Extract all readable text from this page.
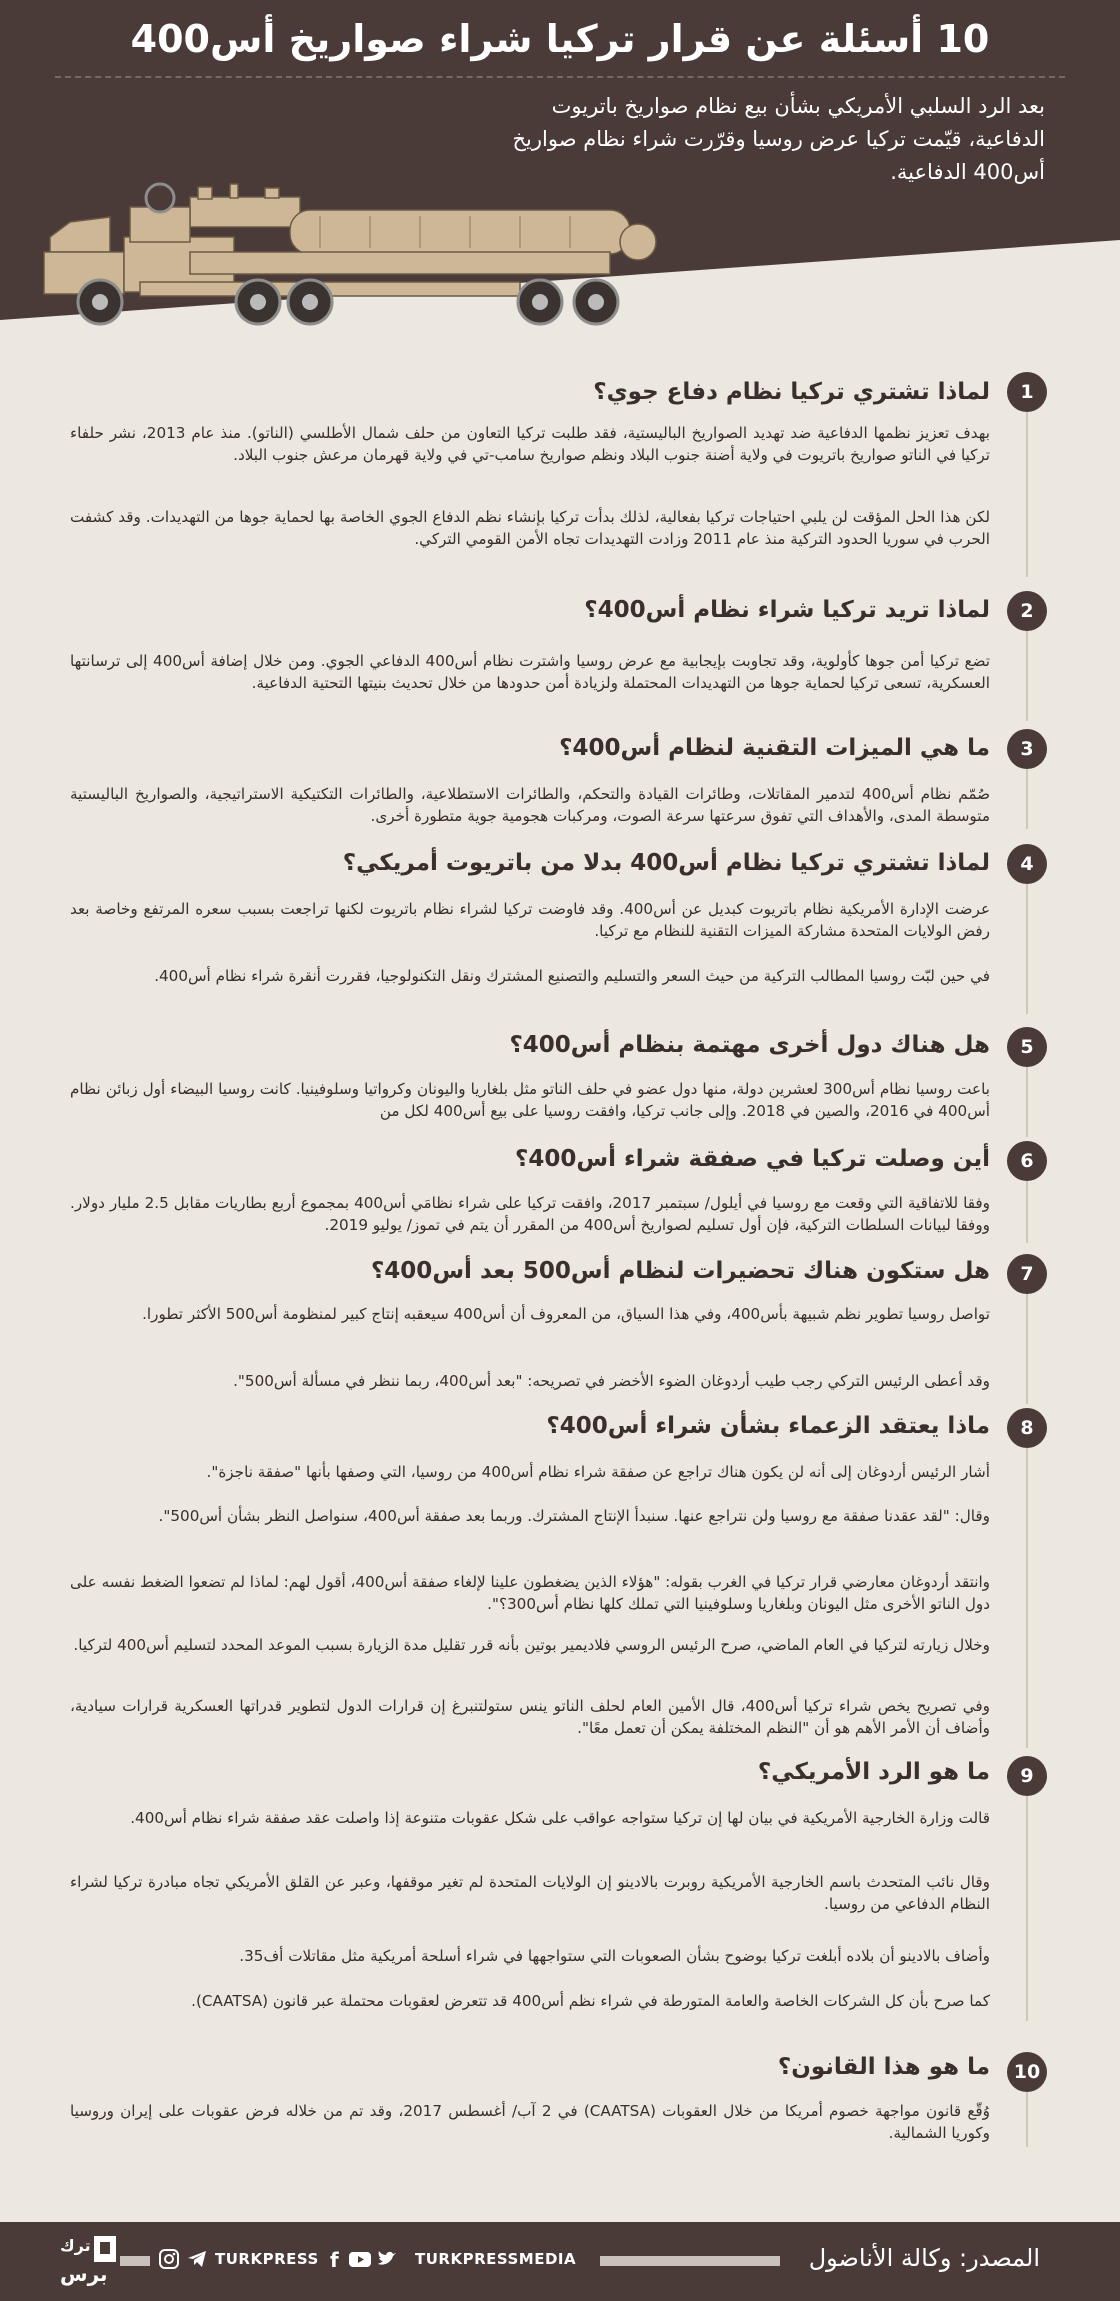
10 أسئلة عن قرار تركيا شراء صواريخ أس400

بعد الرد السلبي الأمريكي بشأن بيع نظام صواريخ باتريوت الدفاعية، قيّمت تركيا عرض روسيا وقرّرت شراء نظام صواريخ أس400 الدفاعية.

1
لماذا تشتري تركيا نظام دفاع جوي؟

بهدف تعزيز نظمها الدفاعية ضد تهديد الصواريخ الباليستية، فقد طلبت تركيا التعاون من حلف شمال الأطلسي (الناتو). منذ عام 2013، نشر حلفاء تركيا في الناتو صواريخ باتريوت في ولاية أضنة جنوب البلاد ونظم صواريخ سامب-تي في ولاية قهرمان مرعش جنوب البلاد.

لكن هذا الحل المؤقت لن يلبي احتياجات تركيا بفعالية، لذلك بدأت تركيا بإنشاء نظم الدفاع الجوي الخاصة بها لحماية جوها من التهديدات. وقد كشفت الحرب في سوريا الحدود التركية منذ عام 2011 وزادت التهديدات تجاه الأمن القومي التركي.

2
لماذا تريد تركيا شراء نظام أس400؟

تضع تركيا أمن جوها كأولوية، وقد تجاوبت بإيجابية مع عرض روسيا واشترت نظام أس400 الدفاعي الجوي. ومن خلال إضافة أس400 إلى ترسانتها العسكرية، تسعى تركيا لحماية جوها من التهديدات المحتملة ولزيادة أمن حدودها من خلال تحديث بنيتها التحتية الدفاعية.

3
ما هي الميزات التقنية لنظام أس400؟

صُمّم نظام أس400 لتدمير المقاتلات، وطائرات القيادة والتحكم، والطائرات الاستطلاعية، والطائرات التكتيكية الاستراتيجية، والصواريخ الباليستية متوسطة المدى، والأهداف التي تفوق سرعتها سرعة الصوت، ومركبات هجومية جوية متطورة أخرى.

4
لماذا تشتري تركيا نظام أس400 بدلا من باتريوت أمريكي؟

عرضت الإدارة الأمريكية نظام باتريوت كبديل عن أس400. وقد فاوضت تركيا لشراء نظام باتريوت لكنها تراجعت بسبب سعره المرتفع وخاصة بعد رفض الولايات المتحدة مشاركة الميزات التقنية للنظام مع تركيا.

في حين لبّت روسيا المطالب التركية من حيث السعر والتسليم والتصنيع المشترك ونقل التكنولوجيا، فقررت أنقرة شراء نظام أس400.

5
هل هناك دول أخرى مهتمة بنظام أس400؟

باعت روسيا نظام أس300 لعشرين دولة، منها دول عضو في حلف الناتو مثل بلغاريا واليونان وكرواتيا وسلوفينيا. كانت روسيا البيضاء أول زبائن نظام أس400 في 2016، والصين في 2018. وإلى جانب تركيا، وافقت روسيا على بيع أس400 لكل من

6
أين وصلت تركيا في صفقة شراء أس400؟

وفقا للاتفاقية التي وقعت مع روسيا في أيلول/ سبتمبر 2017، وافقت تركيا على شراء نظامَي أس400 بمجموع أربع بطاريات مقابل 2.5 مليار دولار. ووفقا لبيانات السلطات التركية، فإن أول تسليم لصواريخ أس400 من المقرر أن يتم في تموز/ يوليو 2019.

7
هل ستكون هناك تحضيرات لنظام أس500 بعد أس400؟

تواصل روسيا تطوير نظم شبيهة بأس400، وفي هذا السياق، من المعروف أن أس400 سيعقبه إنتاج كبير لمنظومة أس500 الأكثر تطورا.

وقد أعطى الرئيس التركي رجب طيب أردوغان الضوء الأخضر في تصريحه: "بعد أس400، ربما ننظر في مسألة أس500".

8
ماذا يعتقد الزعماء بشأن شراء أس400؟

أشار الرئيس أردوغان إلى أنه لن يكون هناك تراجع عن صفقة شراء نظام أس400 من روسيا، التي وصفها بأنها "صفقة ناجزة".

وقال: "لقد عقدنا صفقة مع روسيا ولن نتراجع عنها. سنبدأ الإنتاج المشترك. وربما بعد صفقة أس400، سنواصل النظر بشأن أس500".

وانتقد أردوغان معارضي قرار تركيا في الغرب بقوله: "هؤلاء الذين يضغطون علينا لإلغاء صفقة أس400، أقول لهم: لماذا لم تضعوا الضغط نفسه على دول الناتو الأخرى مثل اليونان وبلغاريا وسلوفينيا التي تملك كلها نظام أس300؟".

وخلال زيارته لتركيا في العام الماضي، صرح الرئيس الروسي فلاديمير بوتين بأنه قرر تقليل مدة الزيارة بسبب الموعد المحدد لتسليم أس400 لتركيا.

وفي تصريح يخص شراء تركيا أس400، قال الأمين العام لحلف الناتو ينس ستولتنبرغ إن قرارات الدول لتطوير قدراتها العسكرية قرارات سيادية، وأضاف أن الأمر الأهم هو أن "النظم المختلفة يمكن أن تعمل معًا".

9
ما هو الرد الأمريكي؟

قالت وزارة الخارجية الأمريكية في بيان لها إن تركيا ستواجه عواقب على شكل عقوبات متنوعة إذا واصلت عقد صفقة شراء نظام أس400.

وقال نائب المتحدث باسم الخارجية الأمريكية روبرت بالادينو إن الولايات المتحدة لم تغير موقفها، وعبر عن القلق الأمريكي تجاه مبادرة تركيا لشراء النظام الدفاعي من روسيا.

وأضاف بالادينو أن بلاده أبلغت تركيا بوضوح بشأن الصعوبات التي ستواجهها في شراء أسلحة أمريكية مثل مقاتلات أف35.

كما صرح بأن كل الشركات الخاصة والعامة المتورطة في شراء نظم أس400 قد تتعرض لعقوبات محتملة عبر قانون (CAATSA).

10
ما هو هذا القانون؟

وُقّع قانون مواجهة خصوم أمريكا من خلال العقوبات (CAATSA) في 2 آب/ أغسطس 2017، وقد تم من خلاله فرض عقوبات على إيران وروسيا وكوريا الشمالية.

المصدر: وكالة الأناضول
TURKPRESSMEDIA
f
TURKPRESS
ترك
برس
